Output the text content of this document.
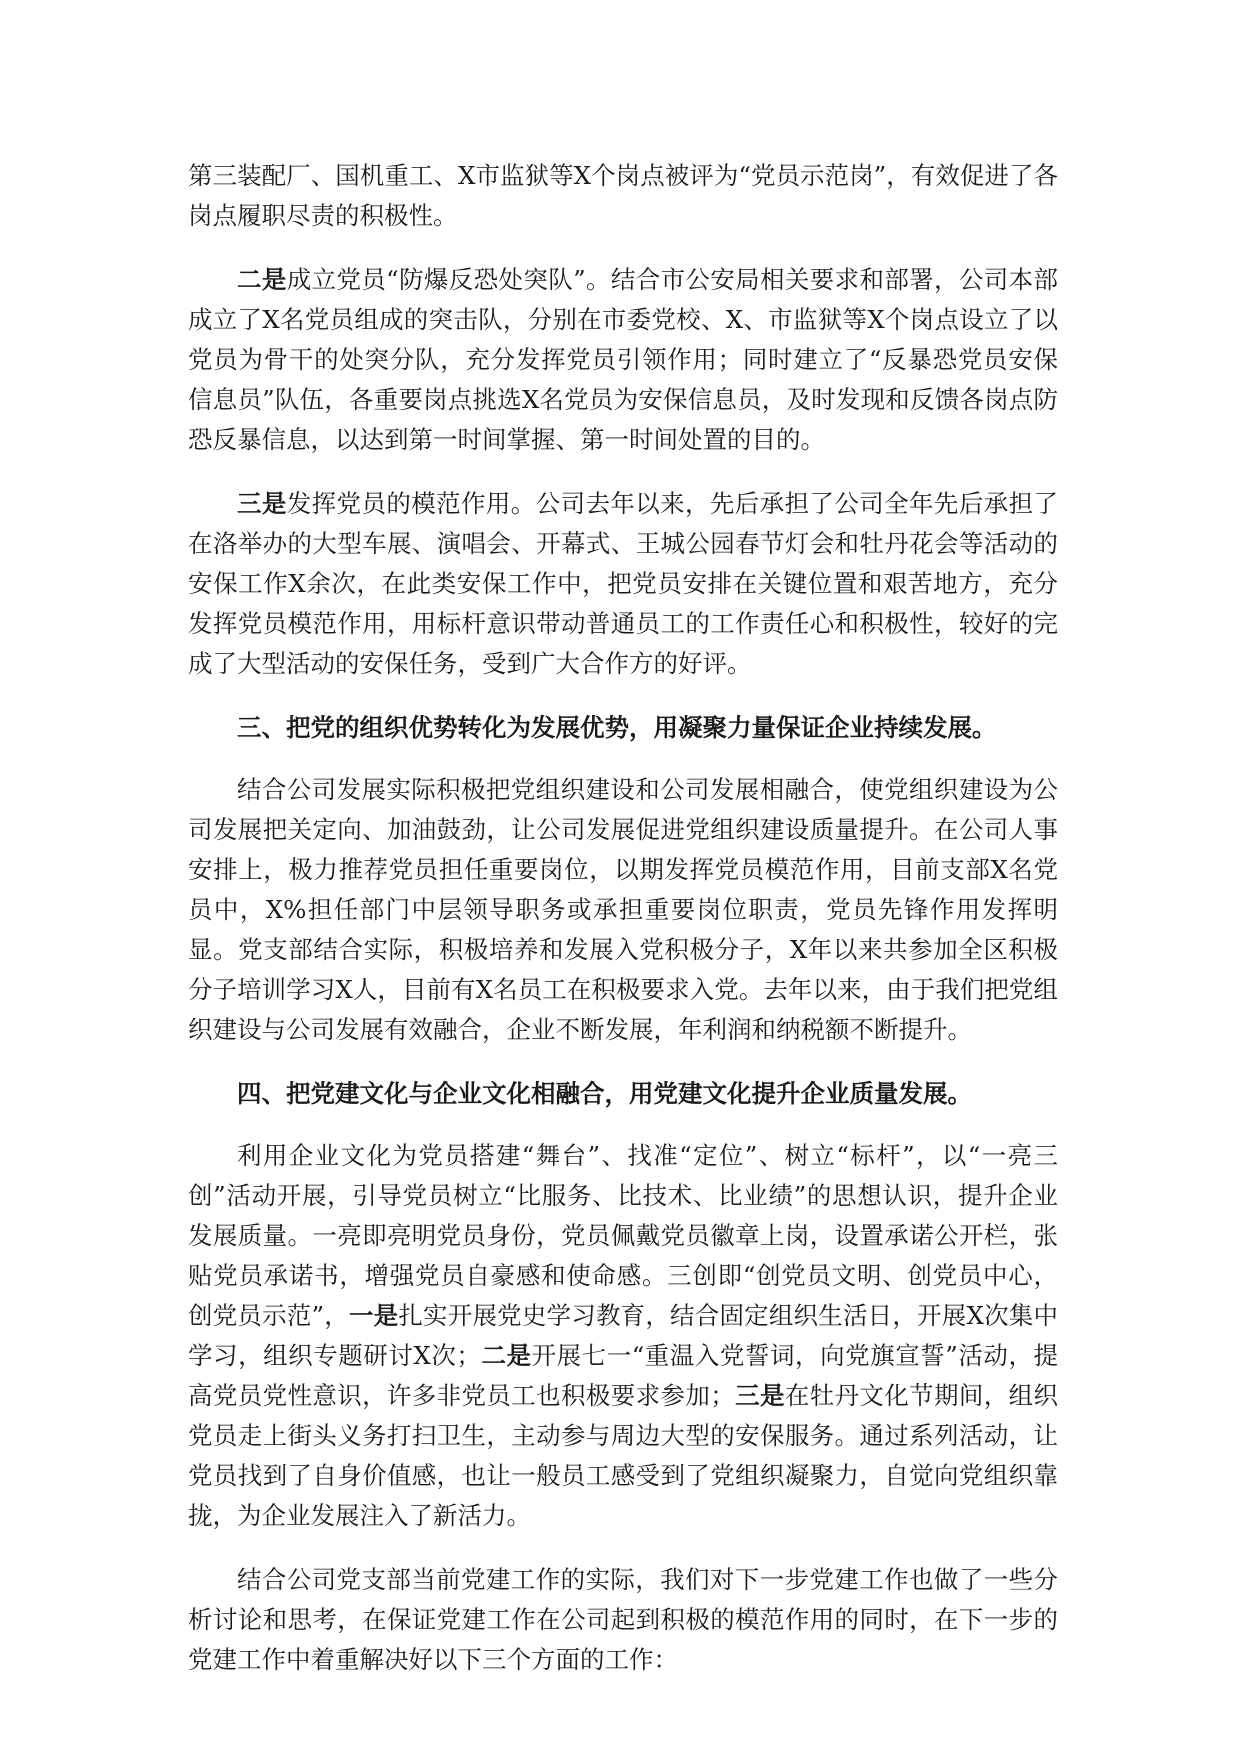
第三装配厂、国机重工、X市监狱等X个岗点被评为“党员示范岗”，有效促进了各岗点履职尽责的积极性。

二是成立党员“防爆反恐处突队”。结合市公安局相关要求和部署，公司本部成立了X名党员组成的突击队，分别在市委党校、X、市监狱等X个岗点设立了以党员为骨干的处突分队，充分发挥党员引领作用；同时建立了“反暴恐党员安保信息员”队伍，各重要岗点挑选X名党员为安保信息员，及时发现和反馈各岗点防恐反暴信息，以达到第一时间掌握、第一时间处置的目的。

三是发挥党员的模范作用。公司去年以来，先后承担了公司全年先后承担了在洛举办的大型车展、演唱会、开幕式、王城公园春节灯会和牡丹花会等活动的安保工作X余次，在此类安保工作中，把党员安排在关键位置和艰苦地方，充分发挥党员模范作用，用标杆意识带动普通员工的工作责任心和积极性，较好的完成了大型活动的安保任务，受到广大合作方的好评。

三、把党的组织优势转化为发展优势，用凝聚力量保证企业持续发展。

结合公司发展实际积极把党组织建设和公司发展相融合，使党组织建设为公司发展把关定向、加油鼓劲，让公司发展促进党组织建设质量提升。在公司人事安排上，极力推荐党员担任重要岗位，以期发挥党员模范作用，目前支部X名党员中，X%担任部门中层领导职务或承担重要岗位职责，党员先锋作用发挥明显。党支部结合实际，积极培养和发展入党积极分子，X年以来共参加全区积极分子培训学习X人，目前有X名员工在积极要求入党。去年以来，由于我们把党组织建设与公司发展有效融合，企业不断发展，年利润和纳税额不断提升。

四、把党建文化与企业文化相融合，用党建文化提升企业质量发展。

利用企业文化为党员搭建“舞台”、找准“定位”、树立“标杆”，以“一亮三创”活动开展，引导党员树立“比服务、比技术、比业绩”的思想认识，提升企业发展质量。一亮即亮明党员身份，党员佩戴党员徽章上岗，设置承诺公开栏，张贴党员承诺书，增强党员自豪感和使命感。三创即“创党员文明、创党员中心，创党员示范”，一是扎实开展党史学习教育，结合固定组织生活日，开展X次集中学习，组织专题研讨X次；二是开展七一“重温入党誓词，向党旗宣誓”活动，提高党员党性意识，许多非党员工也积极要求参加；三是在牡丹文化节期间，组织党员走上街头义务打扫卫生，主动参与周边大型的安保服务。通过系列活动，让党员找到了自身价值感，也让一般员工感受到了党组织凝聚力，自觉向党组织靠拢，为企业发展注入了新活力。

结合公司党支部当前党建工作的实际，我们对下一步党建工作也做了一些分析讨论和思考，在保证党建工作在公司起到积极的模范作用的同时，在下一步的党建工作中着重解决好以下三个方面的工作：
